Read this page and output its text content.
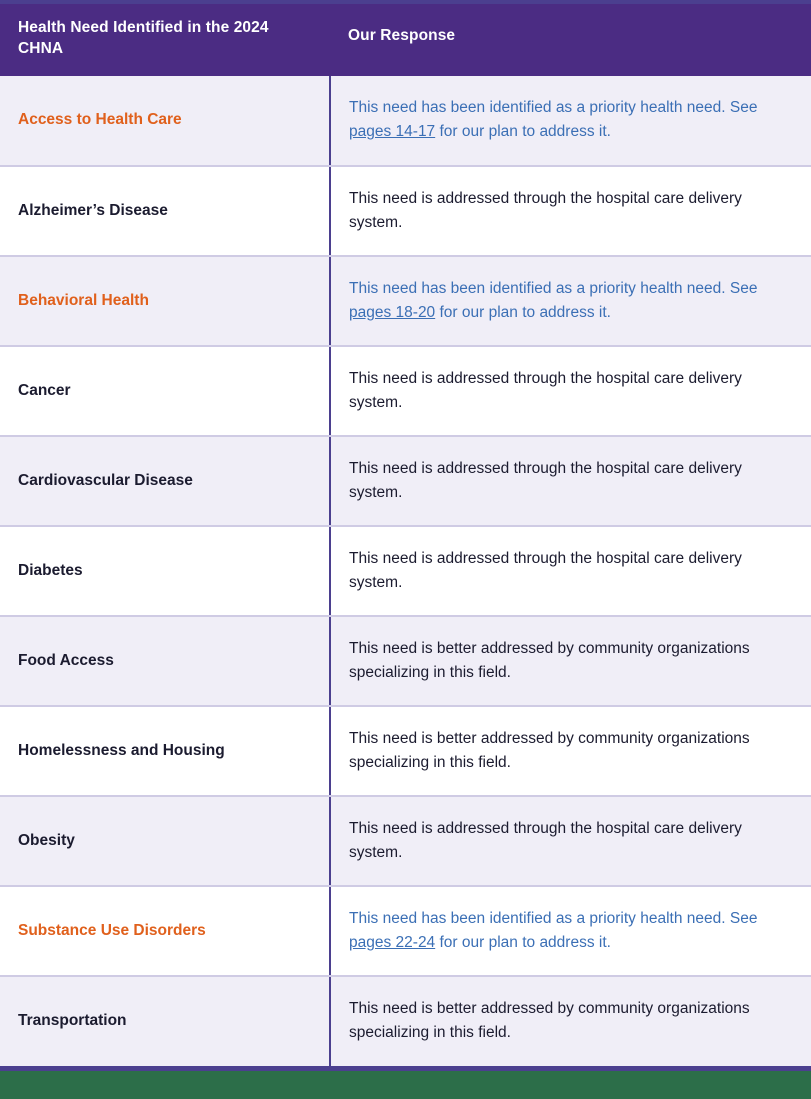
Health Need Identified in the 2024 CHNA	Our Response
Access to Health Care	This need has been identified as a priority health need. See pages 14-17 for our plan to address it.
Alzheimer’s Disease	This need is addressed through the hospital care delivery system.
Behavioral Health	This need has been identified as a priority health need. See pages 18-20 for our plan to address it.
Cancer	This need is addressed through the hospital care delivery system.
Cardiovascular Disease	This need is addressed through the hospital care delivery system.
Diabetes	This need is addressed through the hospital care delivery system.
Food Access	This need is better addressed by community organizations specializing in this field.
Homelessness and Housing	This need is better addressed by community organizations specializing in this field.
Obesity	This need is addressed through the hospital care delivery system.
Substance Use Disorders	This need has been identified as a priority health need. See pages 22-24 for our plan to address it.
Transportation	This need is better addressed by community organizations specializing in this field.
